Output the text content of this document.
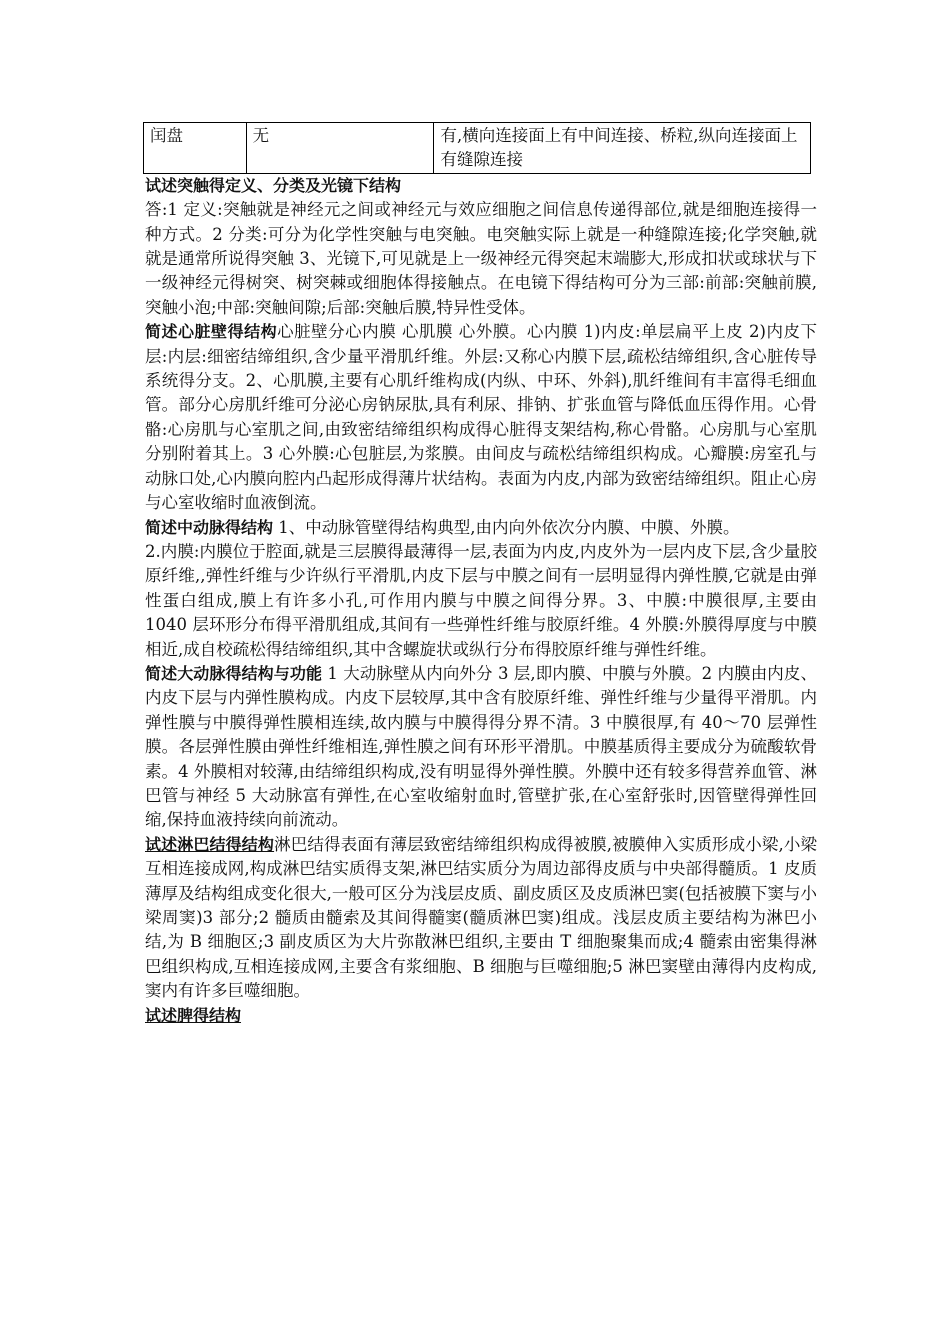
闰盘	无	有,横向连接面上有中间连接、桥粒,纵向连接面上有缝隙连接

试述突触得定义、分类及光镜下结构

答:1 定义:突触就是神经元之间或神经元与效应细胞之间信息传递得部位,就是细胞连接得一种方式。2 分类:可分为化学性突触与电突触。电突触实际上就是一种缝隙连接;化学突触,就就是通常所说得突触 3、光镜下,可见就是上一级神经元得突起末端膨大,形成扣状或球状与下一级神经元得树突、树突棘或细胞体得接触点。在电镜下得结构可分为三部:前部:突触前膜,突触小泡;中部:突触间隙;后部:突触后膜,特异性受体。

简述心脏壁得结构心脏壁分心内膜 心肌膜 心外膜。心内膜 1)内皮:单层扁平上皮 2)内皮下层:内层:细密结缔组织,含少量平滑肌纤维。外层:又称心内膜下层,疏松结缔组织,含心脏传导系统得分支。2、心肌膜,主要有心肌纤维构成(内纵、中环、外斜),肌纤维间有丰富得毛细血管。部分心房肌纤维可分泌心房钠尿肽,具有利尿、排钠、扩张血管与降低血压得作用。心骨骼:心房肌与心室肌之间,由致密结缔组织构成得心脏得支架结构,称心骨骼。心房肌与心室肌分别附着其上。3 心外膜:心包脏层,为浆膜。由间皮与疏松结缔组织构成。心瓣膜:房室孔与动脉口处,心内膜向腔内凸起形成得薄片状结构。表面为内皮,内部为致密结缔组织。阻止心房与心室收缩时血液倒流。

简述中动脉得结构 1、中动脉管壁得结构典型,由内向外依次分内膜、中膜、外膜。

2.内膜:内膜位于腔面,就是三层膜得最薄得一层,表面为内皮,内皮外为一层内皮下层,含少量胶原纤维,,弹性纤维与少许纵行平滑肌,内皮下层与中膜之间有一层明显得内弹性膜,它就是由弹性蛋白组成,膜上有许多小孔,可作用内膜与中膜之间得分界。3、中膜:中膜很厚,主要由 1040 层环形分布得平滑肌组成,其间有一些弹性纤维与胶原纤维。4 外膜:外膜得厚度与中膜相近,成自校疏松得结缔组织,其中含螺旋状或纵行分布得胶原纤维与弹性纤维。

简述大动脉得结构与功能 1 大动脉壁从内向外分 3 层,即内膜、中膜与外膜。2 内膜由内皮、内皮下层与内弹性膜构成。内皮下层较厚,其中含有胶原纤维、弹性纤维与少量得平滑肌。内弹性膜与中膜得弹性膜相连续,故内膜与中膜得得分界不清。3 中膜很厚,有 40～70 层弹性膜。各层弹性膜由弹性纤维相连,弹性膜之间有环形平滑肌。中膜基质得主要成分为硫酸软骨素。4 外膜相对较薄,由结缔组织构成,没有明显得外弹性膜。外膜中还有较多得营养血管、淋巴管与神经 5 大动脉富有弹性,在心室收缩射血时,管壁扩张,在心室舒张时,因管壁得弹性回缩,保持血液持续向前流动。

试述淋巴结得结构淋巴结得表面有薄层致密结缔组织构成得被膜,被膜伸入实质形成小梁,小梁互相连接成网,构成淋巴结实质得支架,淋巴结实质分为周边部得皮质与中央部得髓质。1 皮质薄厚及结构组成变化很大,一般可区分为浅层皮质、副皮质区及皮质淋巴窦(包括被膜下窦与小梁周窦)3 部分;2 髓质由髓索及其间得髓窦(髓质淋巴窦)组成。浅层皮质主要结构为淋巴小结,为 B 细胞区;3 副皮质区为大片弥散淋巴组织,主要由 T 细胞聚集而成;4 髓索由密集得淋巴组织构成,互相连接成网,主要含有浆细胞、B 细胞与巨噬细胞;5 淋巴窦壁由薄得内皮构成,窦内有许多巨噬细胞。

试述脾得结构
